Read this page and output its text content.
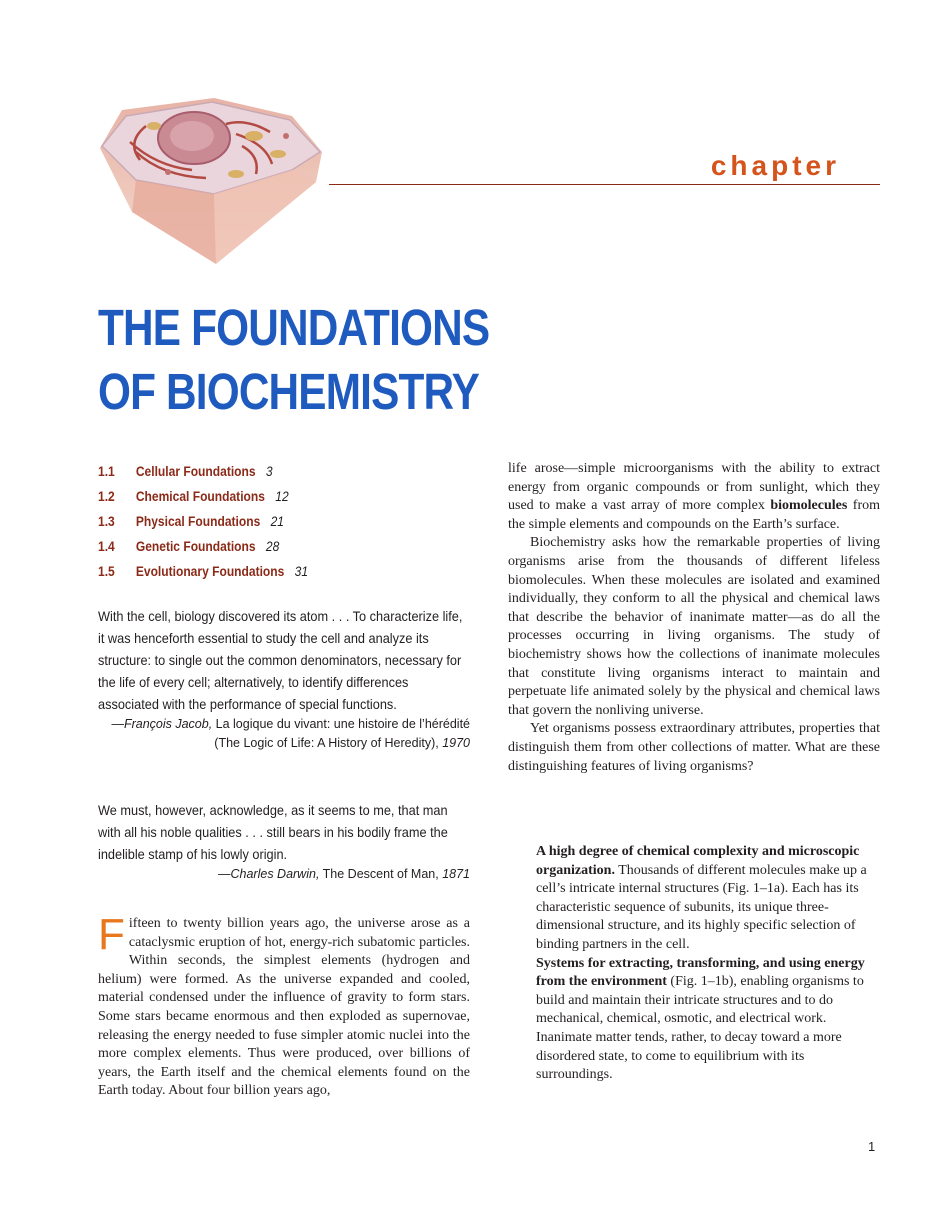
chapter
THE FOUNDATIONS
OF BIOCHEMISTRY
1.1 Cellular Foundations 3
1.2 Chemical Foundations 12
1.3 Physical Foundations 21
1.4 Genetic Foundations 28
1.5 Evolutionary Foundations 31

With the cell, biology discovered its atom . . . To characterize life, it was henceforth essential to study the cell and analyze its structure: to single out the common denominators, necessary for the life of every cell; alternatively, to identify differences associated with the performance of special functions.

—François Jacob, La logique du vivant: une histoire de l’hérédité
(The Logic of Life: A History of Heredity), 1970

We must, however, acknowledge, as it seems to me, that man with all his noble qualities . . . still bears in his bodily frame the indelible stamp of his lowly origin.

—Charles Darwin, The Descent of Man, 1871

Fifteen to twenty billion years ago, the universe arose as a cataclysmic eruption of hot, energy-rich subatomic particles. Within seconds, the simplest elements (hydrogen and helium) were formed. As the universe expanded and cooled, material condensed under the influence of gravity to form stars. Some stars became enormous and then exploded as supernovae, releasing the energy needed to fuse simpler atomic nuclei into the more complex elements. Thus were produced, over billions of years, the Earth itself and the chemical elements found on the Earth today. About four billion years ago,

life arose—simple microorganisms with the ability to extract energy from organic compounds or from sunlight, which they used to make a vast array of more complex biomolecules from the simple elements and compounds on the Earth’s surface.

Biochemistry asks how the remarkable properties of living organisms arise from the thousands of different lifeless biomolecules. When these molecules are isolated and examined individually, they conform to all the physical and chemical laws that describe the behavior of inanimate matter—as do all the processes occurring in living organisms. The study of biochemistry shows how the collections of inanimate molecules that constitute living organisms interact to maintain and perpetuate life animated solely by the physical and chemical laws that govern the nonliving universe.

Yet organisms possess extraordinary attributes, properties that distinguish them from other collections of matter. What are these distinguishing features of living organisms?

A high degree of chemical complexity and microscopic organization. Thousands of different molecules make up a cell’s intricate internal structures (Fig. 1–1a). Each has its characteristic sequence of subunits, its unique three-dimensional structure, and its highly specific selection of binding partners in the cell.

Systems for extracting, transforming, and using energy from the environment (Fig. 1–1b), enabling organisms to build and maintain their intricate structures and to do mechanical, chemical, osmotic, and electrical work. Inanimate matter tends, rather, to decay toward a more disordered state, to come to equilibrium with its surroundings.

1
